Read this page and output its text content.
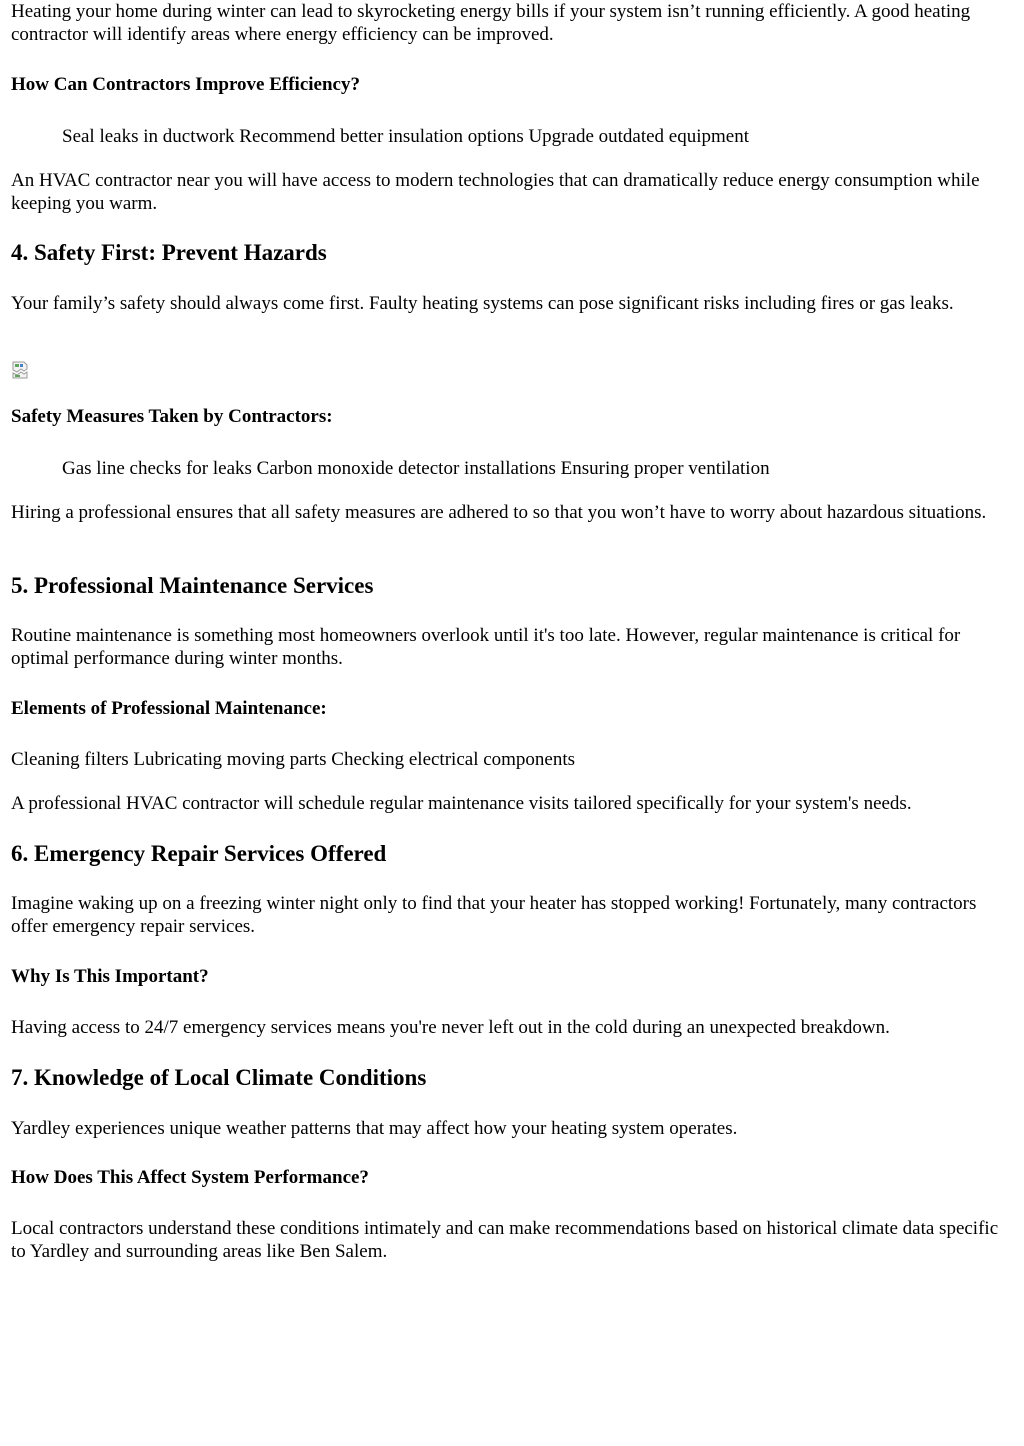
Heating your home during winter can lead to skyrocketing energy bills if your system isn’t running efficiently. A good heating contractor will identify areas where energy efficiency can be improved.

How Can Contractors Improve Efficiency?

Seal leaks in ductwork Recommend better insulation options Upgrade outdated equipment

An HVAC contractor near you will have access to modern technologies that can dramatically reduce energy consumption while keeping you warm.

4. Safety First: Prevent Hazards

Your family’s safety should always come first. Faulty heating systems can pose significant risks including fires or gas leaks.

Safety Measures Taken by Contractors:

Gas line checks for leaks Carbon monoxide detector installations Ensuring proper ventilation

Hiring a professional ensures that all safety measures are adhered to so that you won’t have to worry about hazardous situations.

5. Professional Maintenance Services

Routine maintenance is something most homeowners overlook until it's too late. However, regular maintenance is critical for optimal performance during winter months.

Elements of Professional Maintenance:

Cleaning filters Lubricating moving parts Checking electrical components

A professional HVAC contractor will schedule regular maintenance visits tailored specifically for your system's needs.

6. Emergency Repair Services Offered

Imagine waking up on a freezing winter night only to find that your heater has stopped working! Fortunately, many contractors offer emergency repair services.

Why Is This Important?

Having access to 24/7 emergency services means you're never left out in the cold during an unexpected breakdown.

7. Knowledge of Local Climate Conditions

Yardley experiences unique weather patterns that may affect how your heating system operates.

How Does This Affect System Performance?

Local contractors understand these conditions intimately and can make recommendations based on historical climate data specific to Yardley and surrounding areas like Ben Salem.
